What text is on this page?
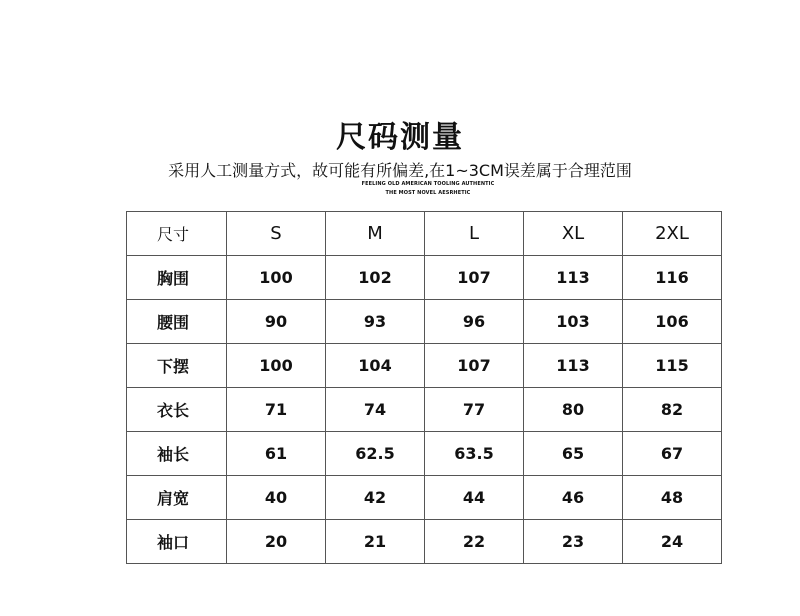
尺码测量
采用人工测量方式，故可能有所偏差,在1~3CM误差属于合理范围
FEELING OLD AMERICAN TOOLING AUTHENTIC
THE MOST NOVEL AESRHETIC
尺寸	S	M	L	XL	2XL
胸围	100	102	107	113	116
腰围	90	93	96	103	106
下摆	100	104	107	113	115
衣长	71	74	77	80	82
袖长	61	62.5	63.5	65	67
肩宽	40	42	44	46	48
袖口	20	21	22	23	24
